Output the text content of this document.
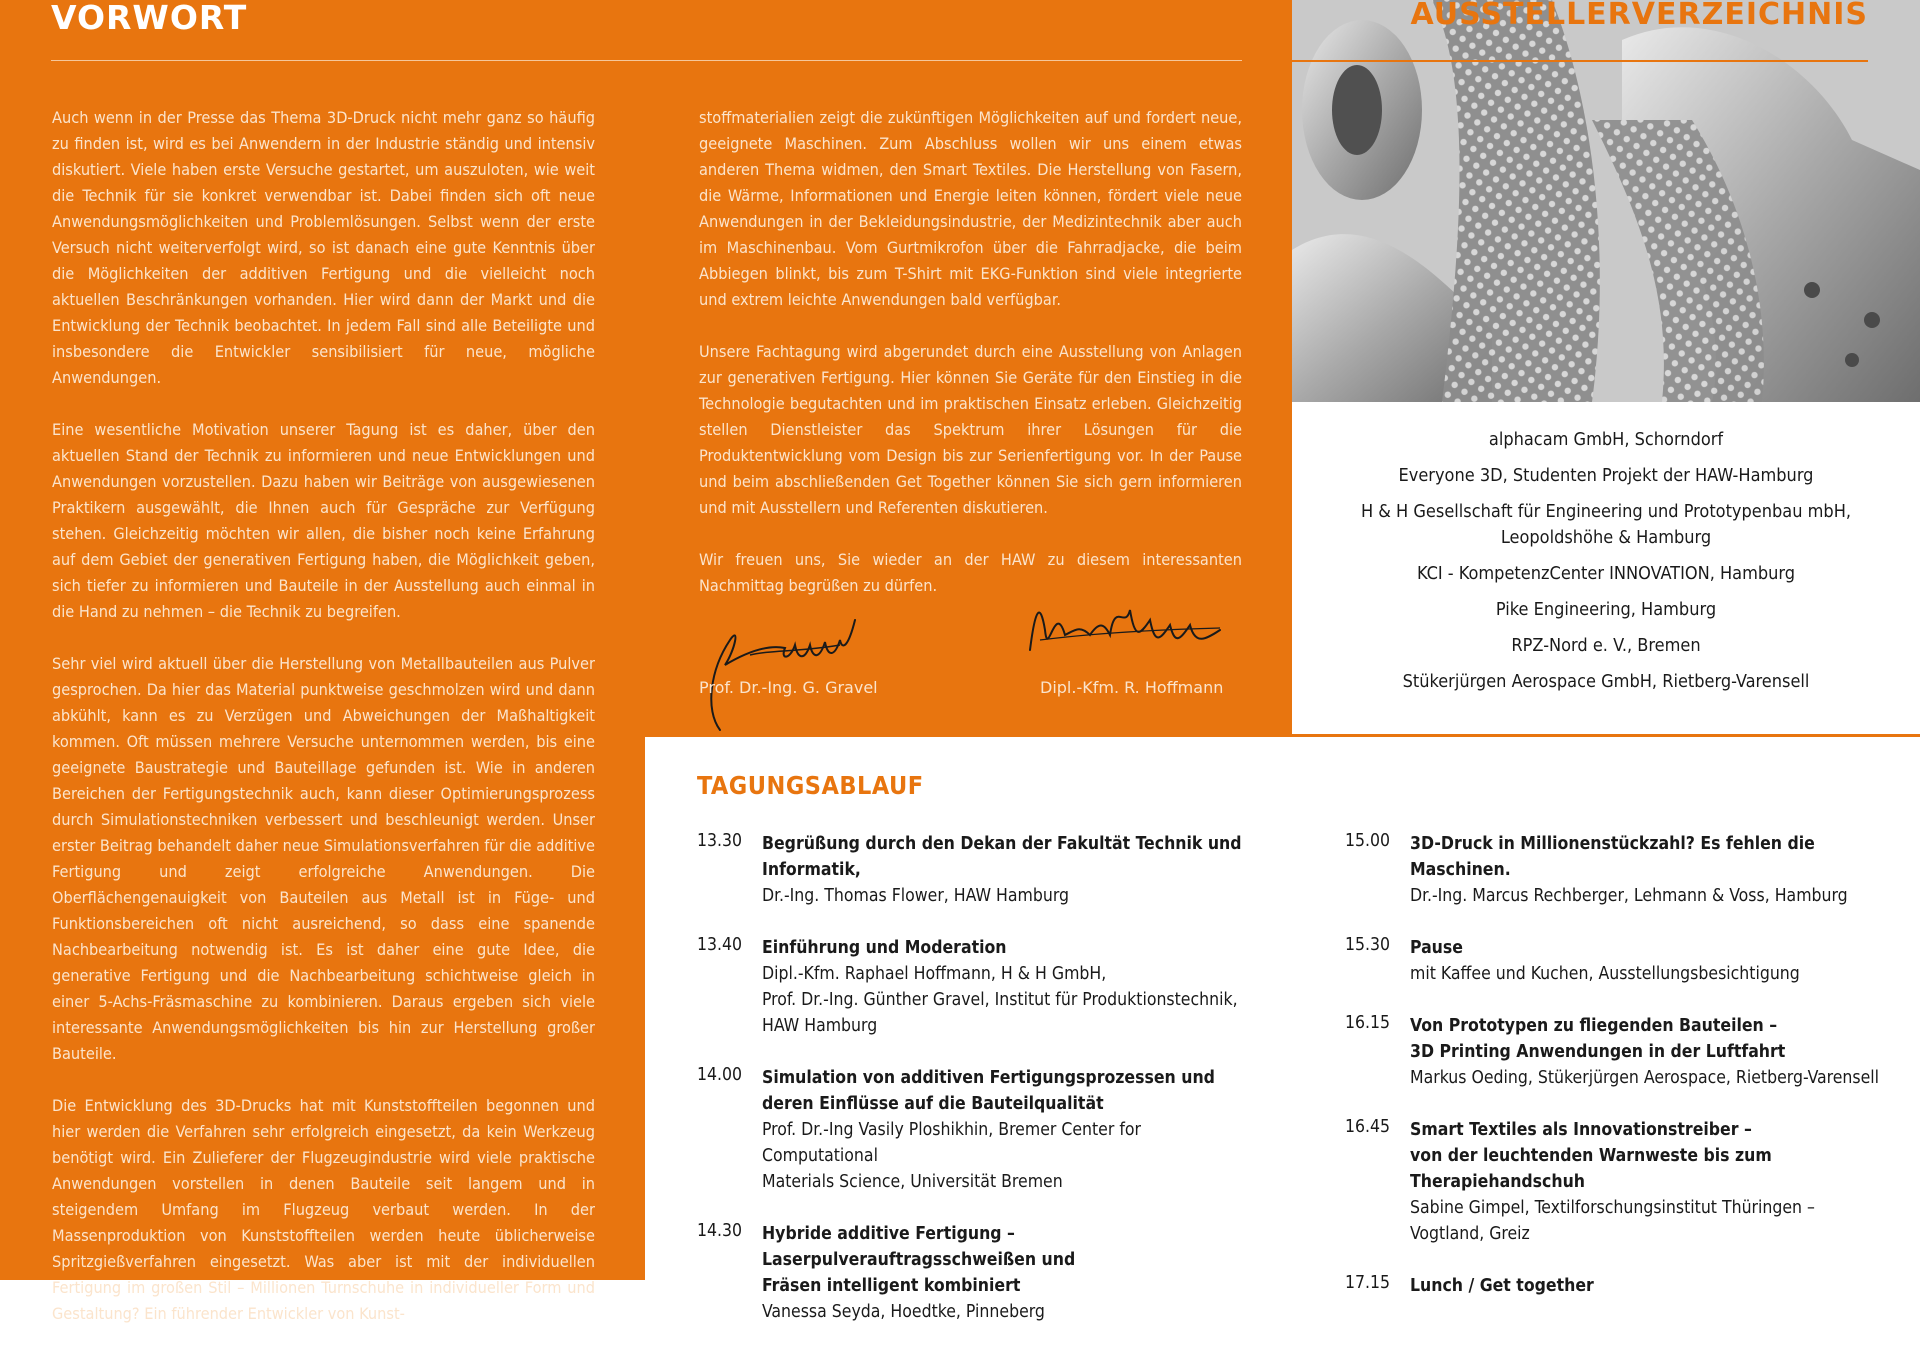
VORWORT

Auch wenn in der Presse das Thema 3D-Druck nicht mehr ganz so häufig zu finden ist, wird es bei Anwendern in der Industrie ständig und intensiv diskutiert. Viele haben erste Versuche gestartet, um auszuloten, wie weit die Technik für sie konkret verwendbar ist. Dabei finden sich oft neue Anwendungsmöglichkeiten und Problemlösungen. Selbst wenn der erste Versuch nicht weiterverfolgt wird, so ist danach eine gute Kenntnis über die Möglichkeiten der additiven Fertigung und die vielleicht noch aktuellen Beschränkungen vorhanden. Hier wird dann der Markt und die Entwicklung der Technik beobachtet. In jedem Fall sind alle Beteiligte und insbesondere die Entwickler sensibilisiert für neue, mögliche Anwendungen.

Eine wesentliche Motivation unserer Tagung ist es daher, über den aktuellen Stand der Technik zu informieren und neue Entwicklungen und Anwendungen vorzustellen. Dazu haben wir Beiträge von ausgewiesenen Praktikern ausgewählt, die Ihnen auch für Gespräche zur Verfügung stehen. Gleichzeitig möchten wir allen, die bisher noch keine Erfahrung auf dem Gebiet der generativen Fertigung haben, die Möglichkeit geben, sich tiefer zu informieren und Bauteile in der Ausstellung auch einmal in die Hand zu nehmen – die Technik zu begreifen.

Sehr viel wird aktuell über die Herstellung von Metallbauteilen aus Pulver gesprochen. Da hier das Material punktweise geschmolzen wird und dann abkühlt, kann es zu Verzügen und Abweichungen der Maßhaltigkeit kommen. Oft müssen mehrere Versuche unternommen werden, bis eine geeignete Baustrategie und Bauteillage gefunden ist. Wie in anderen Bereichen der Fertigungstechnik auch, kann dieser Optimierungsprozess durch Simulationstechniken verbessert und beschleunigt werden. Unser erster Beitrag behandelt daher neue Simulationsverfahren für die additive Fertigung und zeigt erfolgreiche Anwendungen. Die Oberflächengenauigkeit von Bauteilen aus Metall ist in Füge- und Funktionsbereichen oft nicht ausreichend, so dass eine spanende Nachbearbeitung notwendig ist. Es ist daher eine gute Idee, die generative Fertigung und die Nachbearbeitung schichtweise gleich in einer 5-Achs-Fräsmaschine zu kombinieren. Daraus ergeben sich viele interessante Anwendungsmöglichkeiten bis hin zur Herstellung großer Bauteile.

Die Entwicklung des 3D-Drucks hat mit Kunststoffteilen begonnen und hier werden die Verfahren sehr erfolgreich eingesetzt, da kein Werkzeug benötigt wird. Ein Zulieferer der Flugzeugindustrie wird viele praktische Anwendungen vorstellen in denen Bauteile seit langem und in steigendem Umfang im Flugzeug verbaut werden. In der Massenproduktion von Kunststoffteilen werden heute üblicherweise Spritzgießverfahren eingesetzt. Was aber ist mit der individuellen Fertigung im großen Stil – Millionen Turnschuhe in individueller Form und Gestaltung? Ein führender Entwickler von Kunst-

stoffmaterialien zeigt die zukünftigen Möglichkeiten auf und fordert neue, geeignete Maschinen. Zum Abschluss wollen wir uns einem etwas anderen Thema widmen, den Smart Textiles. Die Herstellung von Fasern, die Wärme, Informationen und Energie leiten können, fördert viele neue Anwendungen in der Bekleidungsindustrie, der Medizintechnik aber auch im Maschinenbau. Vom Gurtmikrofon über die Fahrradjacke, die beim Abbiegen blinkt, bis zum T-Shirt mit EKG-Funktion sind viele integrierte und extrem leichte Anwendungen bald verfügbar.

Unsere Fachtagung wird abgerundet durch eine Ausstellung von Anlagen zur generativen Fertigung. Hier können Sie Geräte für den Einstieg in die Technologie begutachten und im praktischen Einsatz erleben. Gleichzeitig stellen Dienstleister das Spektrum ihrer Lösungen für die Produktentwicklung vom Design bis zur Serienfertigung vor. In der Pause und beim abschließenden Get Together können Sie sich gern informieren und mit Ausstellern und Referenten diskutieren.

Wir freuen uns, Sie wieder an der HAW zu diesem interessanten Nachmittag begrüßen zu dürfen.

Prof. Dr.-Ing. G. Gravel	Dipl.-Kfm. R. Hoffmann
AUSSTELLERVERZEICHNIS
alphacam GmbH, Schorndorf
Everyone 3D, Studenten Projekt der HAW-Hamburg
H & H Gesellschaft für Engineering und Prototypenbau mbH,
Leopoldshöhe & Hamburg
KCI - KompetenzCenter INNOVATION, Hamburg
Pike Engineering, Hamburg
RPZ-Nord e. V., Bremen
Stükerjürgen Aerospace GmbH, Rietberg-Varensell
TAGUNGSABLAUF
13.30	Begrüßung durch den Dekan der Fakultät Technik und Informatik,
Dr.-Ing. Thomas Flower, HAW Hamburg
13.40	Einführung und Moderation
Dipl.-Kfm. Raphael Hoffmann, H & H GmbH,
Prof. Dr.-Ing. Günther Gravel, Institut für Produktionstechnik,
HAW Hamburg
14.00	Simulation von additiven Fertigungsprozessen und
deren Einflüsse auf die Bauteilqualität
Prof. Dr.-Ing Vasily Ploshikhin, Bremer Center for Computational
Materials Science, Universität Bremen
14.30	Hybride additive Fertigung – Laserpulverauftragsschweißen und
Fräsen intelligent kombiniert
Vanessa Seyda, Hoedtke, Pinneberg
15.00	3D-Druck in Millionenstückzahl? Es fehlen die Maschinen.
Dr.-Ing. Marcus Rechberger, Lehmann & Voss, Hamburg
15.30	Pause
mit Kaffee und Kuchen, Ausstellungsbesichtigung
16.15	Von Prototypen zu fliegenden Bauteilen –
3D Printing Anwendungen in der Luftfahrt
Markus Oeding, Stükerjürgen Aerospace, Rietberg-Varensell
16.45	Smart Textiles als Innovationstreiber –
von der leuchtenden Warnweste bis zum Therapiehandschuh
Sabine Gimpel, Textilforschungsinstitut Thüringen –
Vogtland, Greiz
17.15	Lunch / Get together
